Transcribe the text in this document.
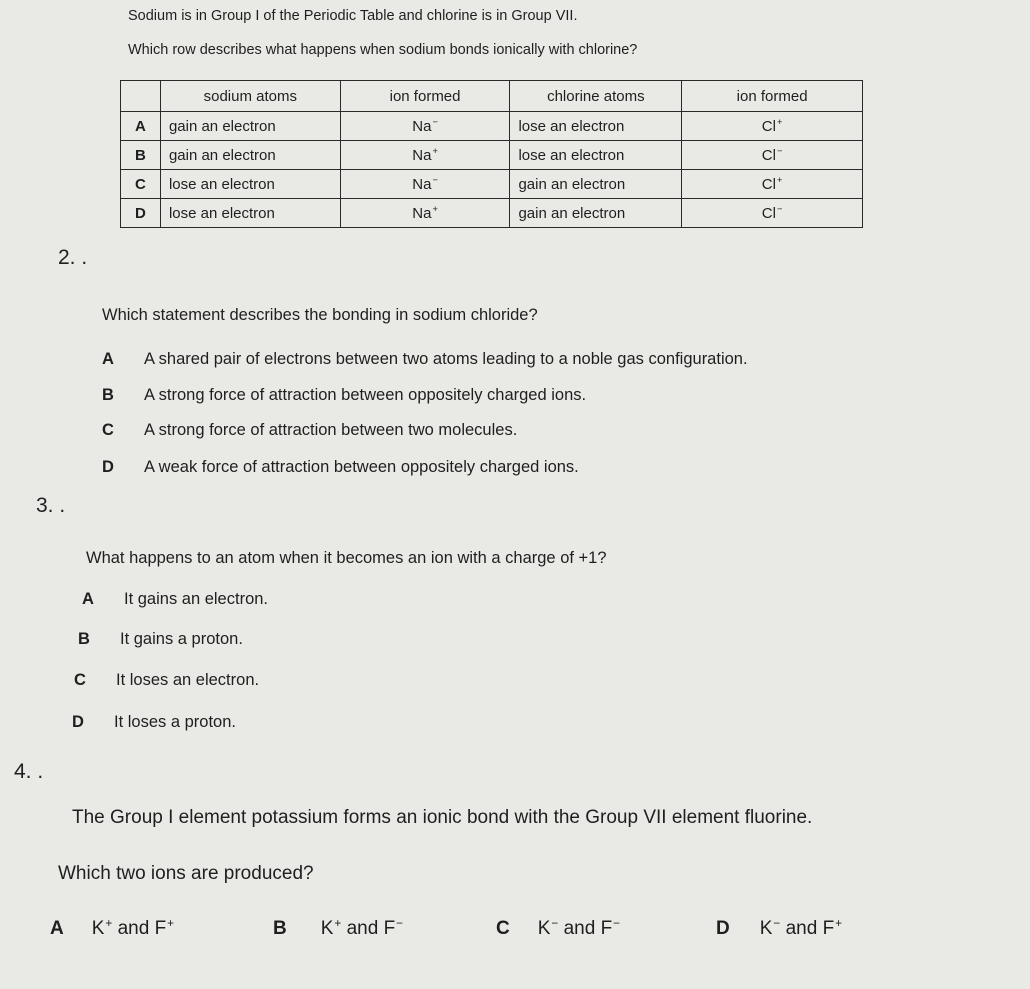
Sodium is in Group I of the Periodic Table and chlorine is in Group VII.
Which row describes what happens when sodium bonds ionically with chlorine?
	sodium atoms	ion formed	chlorine atoms	ion formed
A	gain an electron	Na−	lose an electron	Cl+
B	gain an electron	Na+	lose an electron	Cl−
C	lose an electron	Na−	gain an electron	Cl+
D	lose an electron	Na+	gain an electron	Cl−
2. .
Which statement describes the bonding in sodium chloride?
A A shared pair of electrons between two atoms leading to a noble gas configuration.
B A strong force of attraction between oppositely charged ions.
C A strong force of attraction between two molecules.
D A weak force of attraction between oppositely charged ions.
3. .
What happens to an atom when it becomes an ion with a charge of +1?
A It gains an electron.
B It gains a proton.
C It loses an electron.
D It loses a proton.
4. .
The Group I element potassium forms an ionic bond with the Group VII element fluorine.
Which two ions are produced?
A K+ and F+	B K+ and F−	C K− and F−	D K− and F+
